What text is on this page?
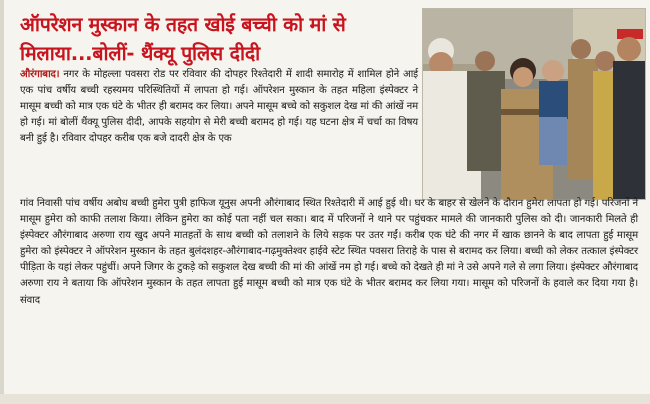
ऑपरेशन मुस्कान के तहत खोई बच्ची को मां से मिलाया...बोलीं- थैंक्यू पुलिस दीदी
औरंगाबाद। नगर के मोहल्ला पवसरा रोड पर रविवार की दोपहर रिश्तेदारी में शादी समारोह में शामिल होने आई एक पांच वर्षीय बच्ची रहस्यमय परिस्थितियों में लापता हो गई। ऑपरेशन मुस्कान के तहत महिला इंस्पेक्टर ने मासूम बच्ची को मात्र एक घंटे के भीतर ही बरामद कर लिया। अपने मासूम बच्चे को सकुशल देख मां की आंखें नम हो गई। मां बोलीं थैंक्यू पुलिस दीदी, आपके सहयोग से मेरी बच्ची बरामद हो गई। यह घटना क्षेत्र में चर्चा का विषय बनी हुई है। रविवार दोपहर करीब एक बजे दादरी क्षेत्र के एक
गांव निवासी पांच वर्षीय अबोध बच्ची हुमेरा पुत्री हाफिज यूनुस अपनी औरंगाबाद स्थित रिश्तेदारी में आई हुई थी। घर के बाहर से खेलने के दौरान हुमेरा लापता हो गई। परिजनों ने मासूम हुमेरा को काफी तलाश किया। लेकिन हुमेरा का कोई पता नहीं चल सका। बाद में परिजनों ने थाने पर पहुंचकर मामले की जानकारी पुलिस को दी। जानकारी मिलते ही इंस्पेक्टर औरंगाबाद अरुणा राय खुद अपने मातहतों के साथ बच्ची को तलाशने के लिये सड़क पर उतर गईं। करीब एक घंटे की नगर में खाक छानने के बाद लापता हुई मासूम हुमेरा को इंस्पेक्टर ने ऑपरेशन मुस्कान के तहत बुलंदशहर-औरंगाबाद-गढ़मुक्तेश्वर हाईवे स्टेट स्थित पवसरा तिराहे के पास से बरामद कर लिया। बच्ची को लेकर तत्काल इंस्पेक्टर पीड़िता के यहां लेकर पहुंचीं। अपने जिगर के टुकड़े को सकुशल देख बच्ची की मां की आंखें नम हो गई। बच्चे को देखते ही मां ने उसे अपने गले से लगा लिया। इंस्पेक्टर औरंगाबाद अरुणा राय ने बताया कि ऑपरेशन मुस्कान के तहत लापता हुई मासूम बच्ची को मात्र एक घंटे के भीतर बरामद कर लिया गया। मासूम को परिजनों के हवाले कर दिया गया है। संवाद
